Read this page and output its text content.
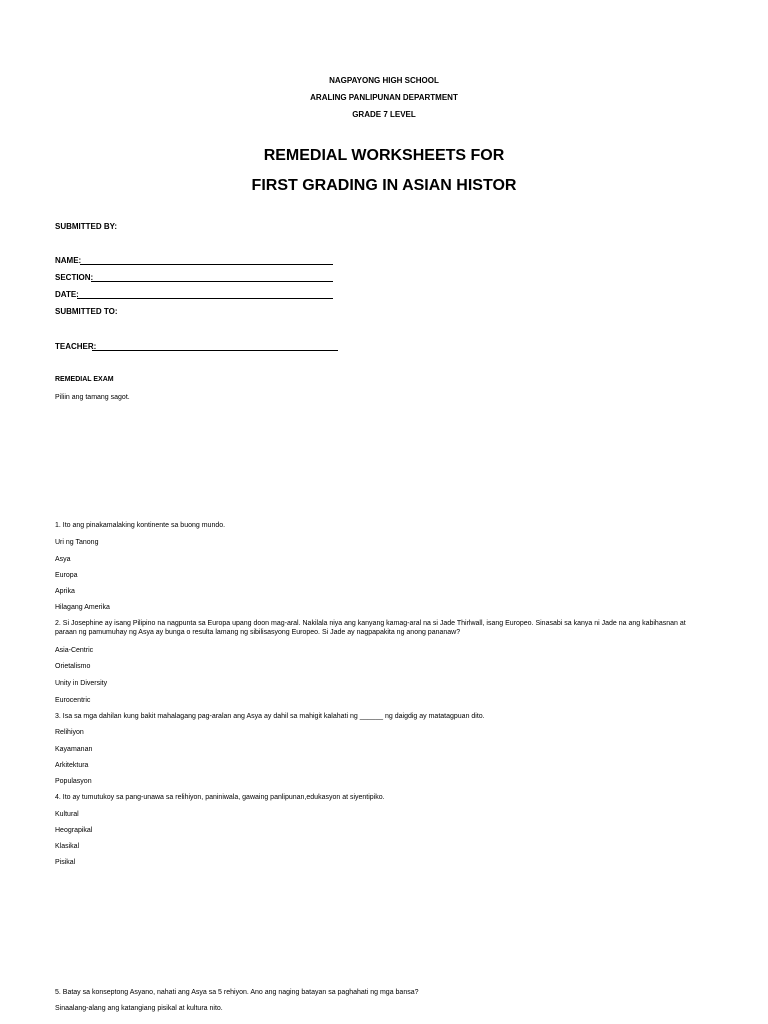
NAGPAYONG HIGH SCHOOL
ARALING PANLIPUNAN DEPARTMENT
GRADE 7 LEVEL
REMEDIAL WORKSHEETS FOR
FIRST GRADING IN ASIAN HISTOR
SUBMITTED BY:
NAME:
SECTION:
DATE:
SUBMITTED TO:
TEACHER:
REMEDIAL EXAM
Piliin ang tamang sagot.
1. Ito ang pinakamalaking kontinente sa buong mundo.
Uri ng Tanong
Asya
Europa
Aprika
Hilagang Amerika
2. Si Josephine ay isang Pilipino na nagpunta sa Europa upang doon mag-aral. Nakilala niya ang kanyang kamag-aral na si Jade Thirlwall, isang Europeo. Sinasabi sa kanya ni Jade na ang kabihasnan at paraan ng pamumuhay ng Asya ay bunga o resulta lamang ng sibilisasyong Europeo. Si Jade ay nagpapakita ng anong pananaw?
Asia-Centric
Orietalismo
Unity in Diversity
Eurocentric
3. Isa sa mga dahilan kung bakit mahalagang pag-aralan ang Asya ay dahil sa mahigit kalahati ng ______ ng daigdig ay matatagpuan dito.
Relihiyon
Kayamanan
Arkitektura
Populasyon
4. Ito ay tumutukoy sa pang-unawa sa relihiyon, paniniwala, gawaing panlipunan,edukasyon at siyentipiko.
Kultural
Heograpikal
Klasikal
Pisikal
5. Batay sa konseptong Asyano, nahati ang Asya sa 5 rehiyon. Ano ang naging batayan sa paghahati ng mga bansa?
Sinaalang-alang ang katangiang pisikal at kultura nito.
